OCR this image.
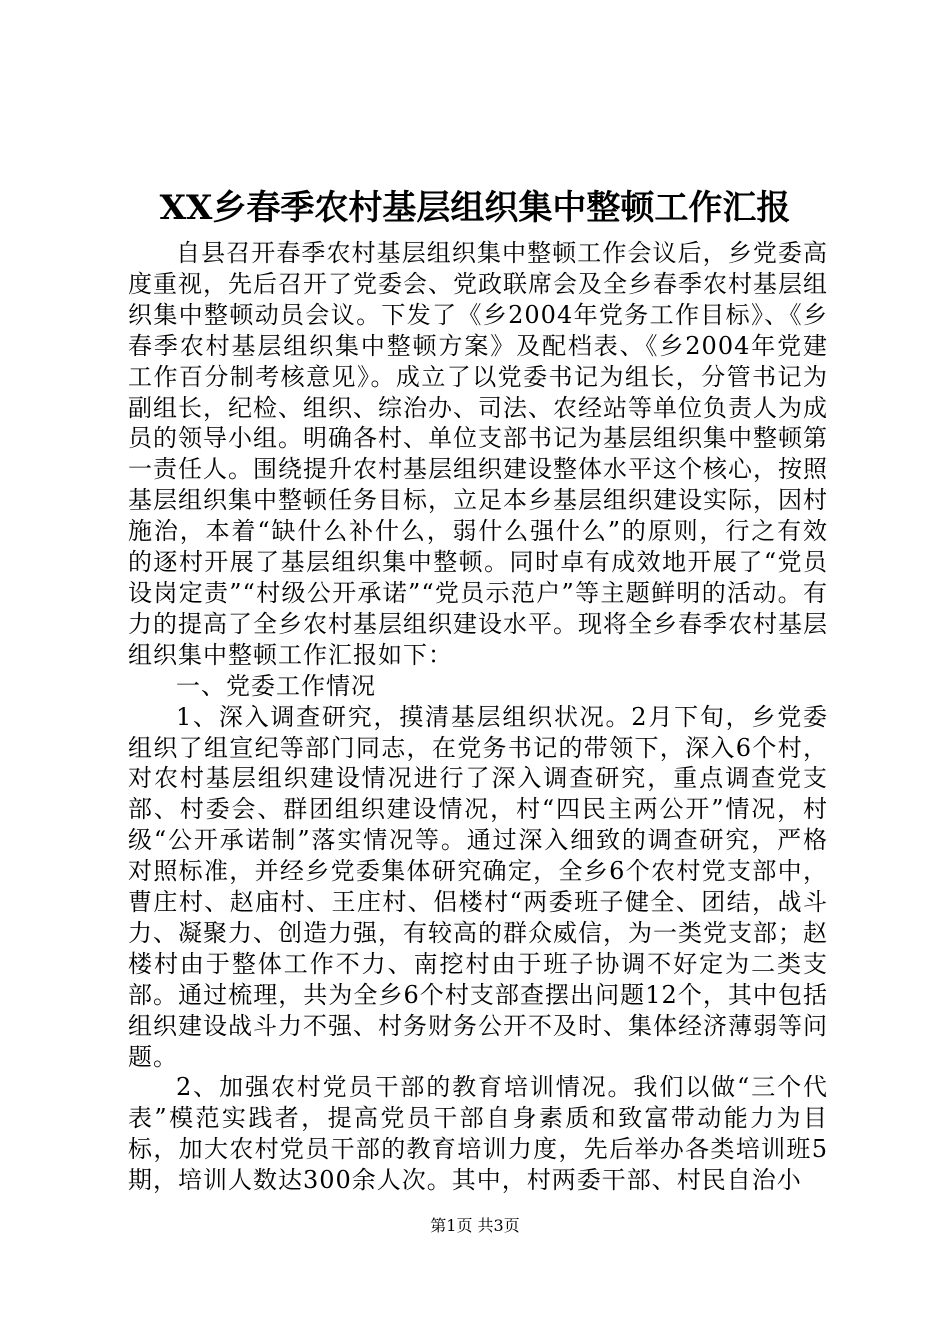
XX乡春季农村基层组织集中整顿工作汇报

自县召开春季农村基层组织集中整顿工作会议后，乡党委高度重视，先后召开了党委会、党政联席会及全乡春季农村基层组织集中整顿动员会议。下发了《乡2004年党务工作目标》、《乡春季农村基层组织集中整顿方案》及配档表、《乡2004年党建工作百分制考核意见》。成立了以党委书记为组长，分管书记为副组长，纪检、组织、综治办、司法、农经站等单位负责人为成员的领导小组。明确各村、单位支部书记为基层组织集中整顿第一责任人。围绕提升农村基层组织建设整体水平这个核心，按照基层组织集中整顿任务目标，立足本乡基层组织建设实际，因村施治，本着“缺什么补什么，弱什么强什么”的原则，行之有效的逐村开展了基层组织集中整顿。同时卓有成效地开展了“党员设岗定责”“村级公开承诺”“党员示范户”等主题鲜明的活动。有力的提高了全乡农村基层组织建设水平。现将全乡春季农村基层组织集中整顿工作汇报如下：

一、党委工作情况

1、深入调查研究，摸清基层组织状况。2月下旬，乡党委组织了组宣纪等部门同志，在党务书记的带领下，深入6个村，对农村基层组织建设情况进行了深入调查研究，重点调查党支部、村委会、群团组织建设情况，村“四民主两公开”情况，村级“公开承诺制”落实情况等。通过深入细致的调查研究，严格对照标准，并经乡党委集体研究确定，全乡6个农村党支部中，曹庄村、赵庙村、王庄村、侣楼村“两委班子健全、团结，战斗力、凝聚力、创造力强，有较高的群众威信，为一类党支部；赵楼村由于整体工作不力、南挖村由于班子协调不好定为二类支部。通过梳理，共为全乡6个村支部查摆出问题12个，其中包括组织建设战斗力不强、村务财务公开不及时、集体经济薄弱等问题。

2、加强农村党员干部的教育培训情况。我们以做“三个代表”模范实践者，提高党员干部自身素质和致富带动能力为目标，加大农村党员干部的教育培训力度，先后举办各类培训班5期，培训人数达300余人次。其中，村两委干部、村民自治小

第1页 共3页
